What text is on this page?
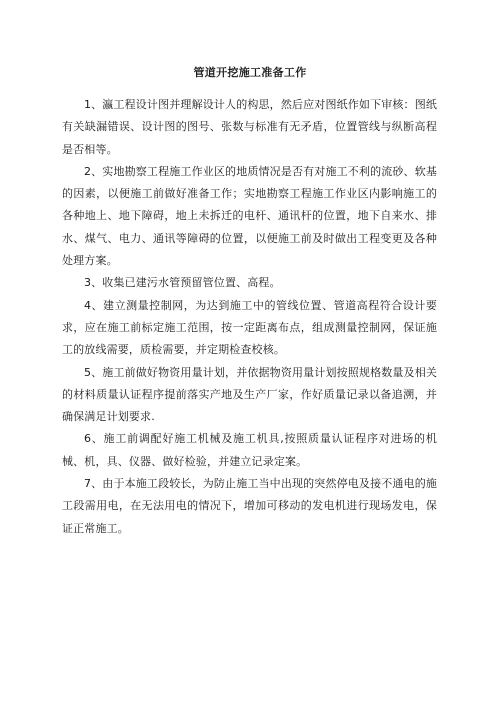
管道开挖施工准备工作

1、瀛工程设计图并理解设计人的构思，然后应对图纸作如下审核：图纸有关缺漏错误、设计图的图号、张数与标准有无矛盾，位置管线与纵断高程是否相等。

2、实地勘察工程施工作业区的地质情况是否有对施工不利的流砂、软基的因素，以便施工前做好准备工作；实地勘察工程施工作业区内影响施工的各种地上、地下障碍，地上未拆迁的电杆、通讯杆的位置，地下自来水、排水、煤气、电力、通讯等障碍的位置，以便施工前及时做出工程变更及各种处理方案。

3、收集已建污水管预留管位置、高程。

4、建立测量控制网，为达到施工中的管线位置、管道高程符合设计要求，应在施工前标定施工范围，按一定距离布点，组成测量控制网，保证施工的放线需要，质检需要，并定期检查校核。

5、施工前做好物资用量计划，并依据物资用量计划按照规格数量及相关的材料质量认证程序提前落实产地及生产厂家，作好质量记录以备追溯，并确保满足计划要求.

6、施工前调配好施工机械及施工机具,按照质量认证程序对进场的机械、机，具、仪器、做好检验，并建立记录定案。

7、由于本施工段较长，为防止施工当中出现的突然停电及接不通电的施工段需用电，在无法用电的情况下，增加可移动的发电机进行现场发电，保证正常施工。
